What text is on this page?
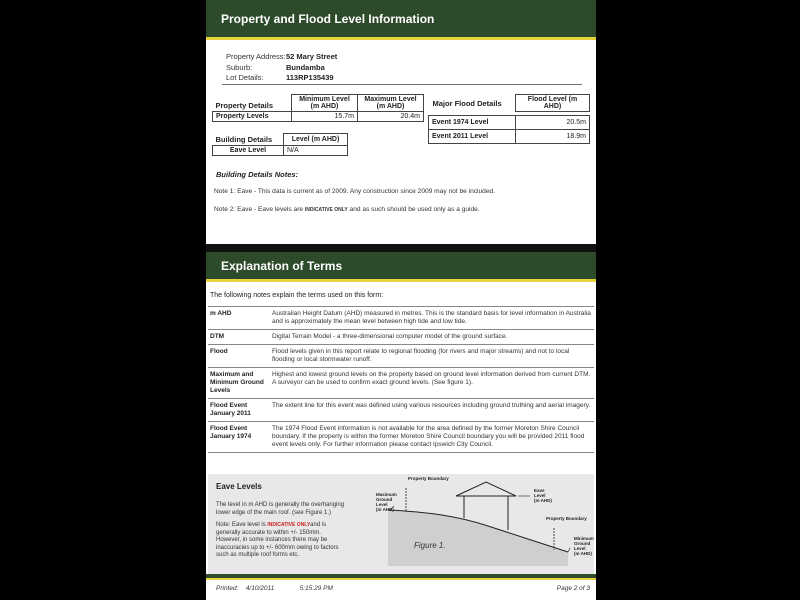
Property and Flood Level Information
Property Address: 52 Mary Street
Suburb:	Bundamba
Lot Details:	113RP135439
Property Details	Minimum Level (m AHD)	Maximum Level (m AHD)
Property Levels	15.7m	20.4m
Building Details	Level (m AHD)
Eave Level	N/A
Major Flood Details	Flood Level (m AHD)

Event 1974 Level	20.5m
Event 2011 Level	18.9m
Building Details Notes:
Note 1: Eave - This data is current as of 2009. Any construction since 2009 may not be included.
Note 2: Eave - Eave levels are INDICATIVE ONLY and as such should be used only as a guide.
Explanation of Terms
The following notes explain the terms used on this form:
m AHD	Australian Height Datum (AHD) measured in metres. This is the standard basis for level information in Australia and is approximately the mean level between high tide and low tide.
DTM	Digital Terrain Model - a three-dimensional computer model of the ground surface.
Flood	Flood levels given in this report relate to regional flooding (for rivers and major streams) and not to local flooding or local stormwater runoff.
Maximum and Minimum Ground Levels	Highest and lowest ground levels on the property based on ground level information derived from current DTM. A surveyor can be used to confirm exact ground levels. (See figure 1).
Flood Event January 2011	The extent line for this event was defined using various resources including ground truthing and aerial imagery.
Flood Event January 1974	The 1974 Flood Event information is not available for the area defined by the former Moreton Shire Council boundary. If the property is within the former Moreton Shire Council boundary you will be provided 2011 flood event levels only. For further information please contact Ipswich City Council.
Eave Levels
The level in m AHD is generally the overhanging lower edge of the main roof. (see Figure 1.)
Note: Eave level is INDICATIVE ONLYand is generally accurate to within +/- 150mm. However, in some instances there may be inaccuracies up to +/- 600mm owing to factors such as multiple roof forms etc.
Property Boundary
Maximum
Ground
Level
(m AHD)
Eave
Level
(m AHD)
Property Boundary
Minimum
Ground
Level
(m AHD)
Figure 1.
Printed: 4/10/2011	5:15:29 PM	Page 2 of 3
